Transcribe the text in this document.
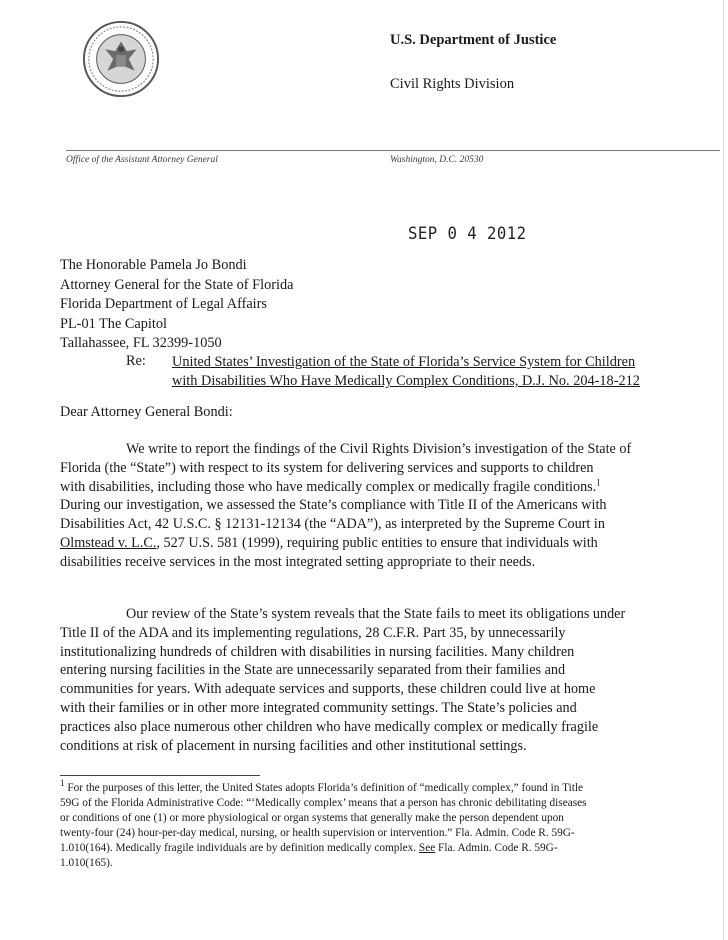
U.S. Department of Justice
Civil Rights Division
Office of the Assistant Attorney General	Washington, D.C. 20530
SEP 0 4 2012
The Honorable Pamela Jo Bondi
Attorney General for the State of Florida
Florida Department of Legal Affairs
PL-01 The Capitol
Tallahassee, FL 32399-1050
Re: United States’ Investigation of the State of Florida’s Service System for Children
with Disabilities Who Have Medically Complex Conditions, D.J. No. 204-18-212
Dear Attorney General Bondi:
We write to report the findings of the Civil Rights Division’s investigation of the State of
Florida (the “State”) with respect to its system for delivering services and supports to children
with disabilities, including those who have medically complex or medically fragile conditions.$^1$
During our investigation, we assessed the State’s compliance with Title II of the Americans with
Disabilities Act, 42 U.S.C. § 12131-12134 (the “ADA”), as interpreted by the Supreme Court in
Olmstead v. L.C., 527 U.S. 581 (1999), requiring public entities to ensure that individuals with
disabilities receive services in the most integrated setting appropriate to their needs.
Our review of the State’s system reveals that the State fails to meet its obligations under
Title II of the ADA and its implementing regulations, 28 C.F.R. Part 35, by unnecessarily
institutionalizing hundreds of children with disabilities in nursing facilities. Many children
entering nursing facilities in the State are unnecessarily separated from their families and
communities for years. With adequate services and supports, these children could live at home
with their families or in other more integrated community settings. The State’s policies and
practices also place numerous other children who have medically complex or medically fragile
conditions at risk of placement in nursing facilities and other institutional settings.
$^1$ For the purposes of this letter, the United States adopts Florida’s definition of “medically complex,” found in Title
59G of the Florida Administrative Code: “‘Medically complex’ means that a person has chronic debilitating diseases
or conditions of one (1) or more physiological or organ systems that generally make the person dependent upon
twenty-four (24) hour-per-day medical, nursing, or health supervision or intervention.” Fla. Admin. Code R. 59G-
1.010(164). Medically fragile individuals are by definition medically complex. See Fla. Admin. Code R. 59G-
1.010(165).
